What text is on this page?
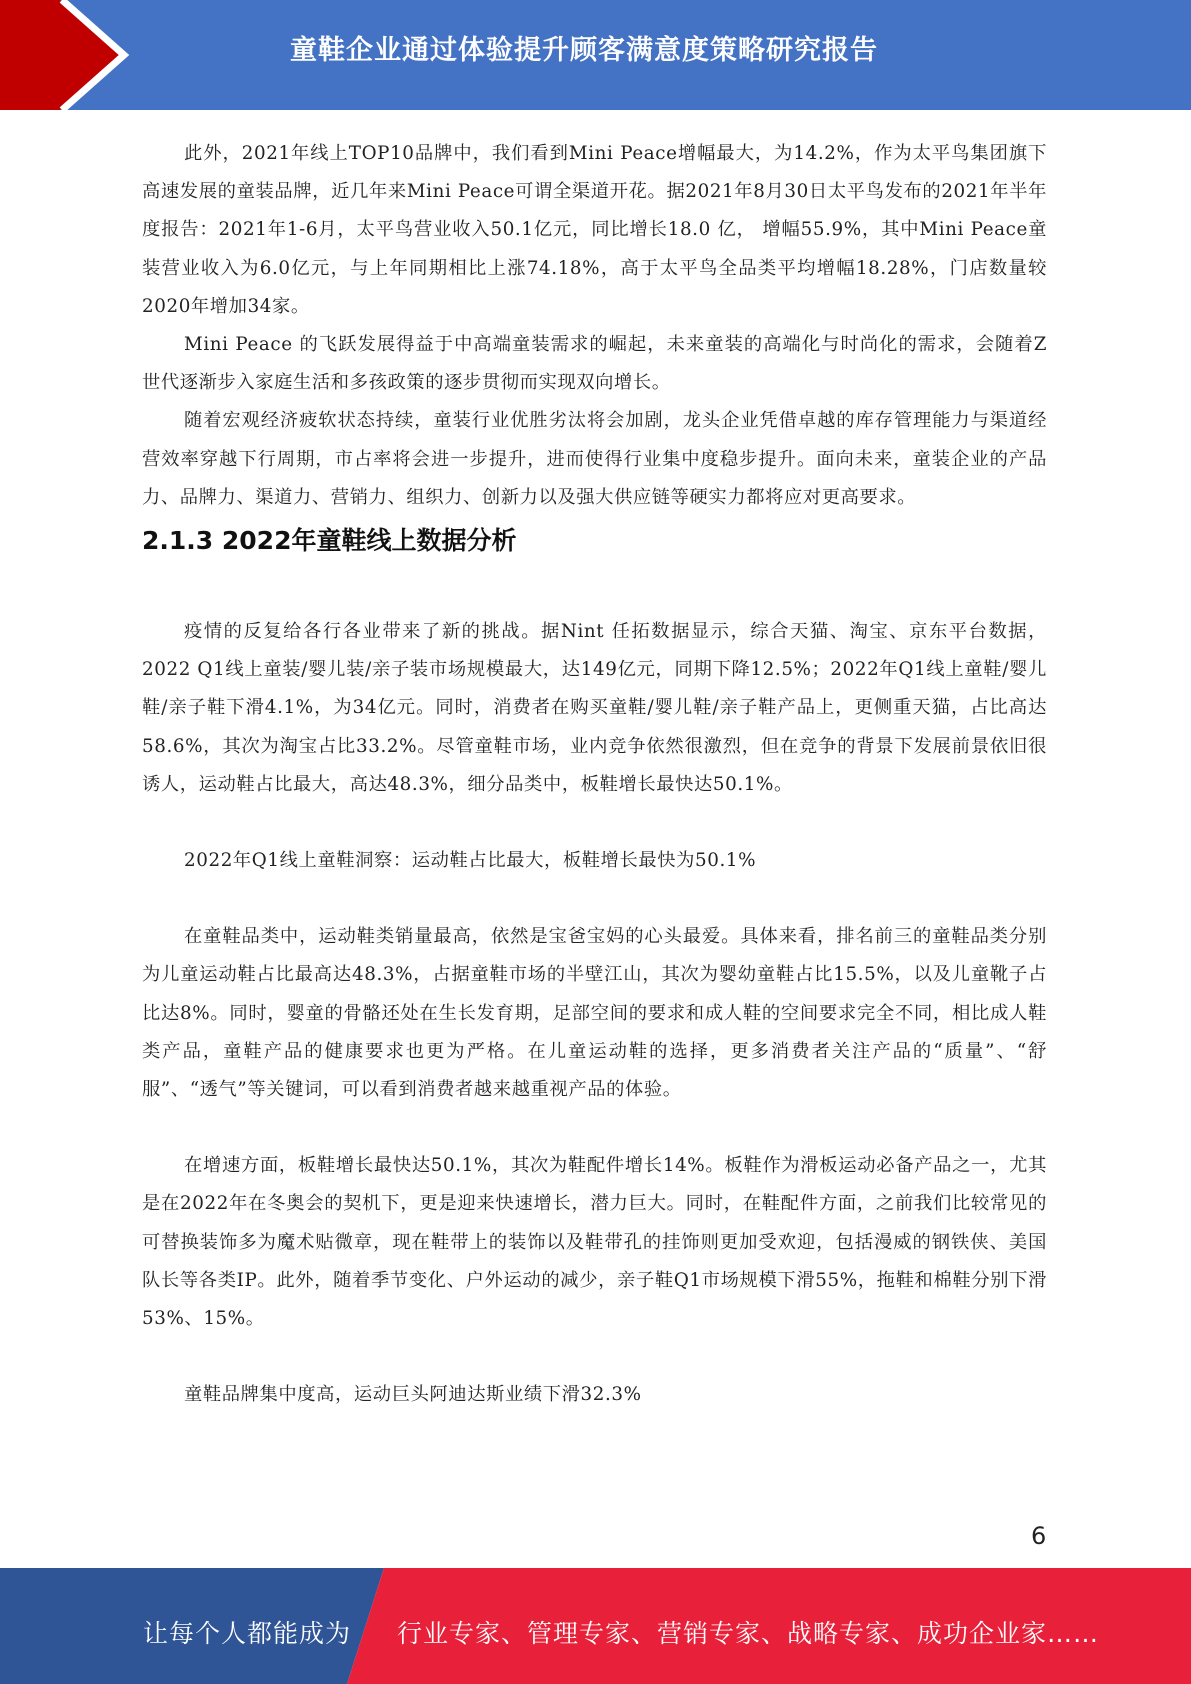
童鞋企业通过体验提升顾客满意度策略研究报告

此外，2021年线上TOP10品牌中，我们看到Mini Peace增幅最大，为14.2%，作为太平鸟集团旗下高速发展的童装品牌，近几年来Mini Peace可谓全渠道开花。据2021年8月30日太平鸟发布的2021年半年度报告：2021年1-6月，太平鸟营业收入50.1亿元，同比增长18.0 亿， 增幅55.9%，其中Mini Peace童装营业收入为6.0亿元，与上年同期相比上涨74.18%，高于太平鸟全品类平均增幅18.28%，门店数量较2020年增加34家。

Mini Peace 的飞跃发展得益于中高端童装需求的崛起，未来童装的高端化与时尚化的需求，会随着Z世代逐渐步入家庭生活和多孩政策的逐步贯彻而实现双向增长。

随着宏观经济疲软状态持续，童装行业优胜劣汰将会加剧，龙头企业凭借卓越的库存管理能力与渠道经营效率穿越下行周期，市占率将会进一步提升，进而使得行业集中度稳步提升。面向未来，童装企业的产品力、品牌力、渠道力、营销力、组织力、创新力以及强大供应链等硬实力都将应对更高要求。

2.1.3 2022年童鞋线上数据分析

疫情的反复给各行各业带来了新的挑战。据Nint 任拓数据显示，综合天猫、淘宝、京东平台数据，2022 Q1线上童装/婴儿装/亲子装市场规模最大，达149亿元，同期下降12.5%；2022年Q1线上童鞋/婴儿鞋/亲子鞋下滑4.1%，为34亿元。同时，消费者在购买童鞋/婴儿鞋/亲子鞋产品上，更侧重天猫，占比高达58.6%，其次为淘宝占比33.2%。尽管童鞋市场，业内竞争依然很激烈，但在竞争的背景下发展前景依旧很诱人，运动鞋占比最大，高达48.3%，细分品类中，板鞋增长最快达50.1%。

2022年Q1线上童鞋洞察：运动鞋占比最大，板鞋增长最快为50.1%

在童鞋品类中，运动鞋类销量最高，依然是宝爸宝妈的心头最爱。具体来看，排名前三的童鞋品类分别为儿童运动鞋占比最高达48.3%，占据童鞋市场的半壁江山，其次为婴幼童鞋占比15.5%，以及儿童靴子占比达8%。同时，婴童的骨骼还处在生长发育期，足部空间的要求和成人鞋的空间要求完全不同，相比成人鞋类产品，童鞋产品的健康要求也更为严格。在儿童运动鞋的选择，更多消费者关注产品的“质量”、“舒服”、“透气”等关键词，可以看到消费者越来越重视产品的体验。

在增速方面，板鞋增长最快达50.1%，其次为鞋配件增长14%。板鞋作为滑板运动必备产品之一，尤其是在2022年在冬奥会的契机下，更是迎来快速增长，潜力巨大。同时，在鞋配件方面，之前我们比较常见的可替换装饰多为魔术贴微章，现在鞋带上的装饰以及鞋带孔的挂饰则更加受欢迎，包括漫威的钢铁侠、美国队长等各类IP。此外，随着季节变化、户外运动的减少，亲子鞋Q1市场规模下滑55%，拖鞋和棉鞋分别下滑53%、15%。

童鞋品牌集中度高，运动巨头阿迪达斯业绩下滑32.3%

6
让每个人都能成为 行业专家、管理专家、营销专家、战略专家、成功企业家……
